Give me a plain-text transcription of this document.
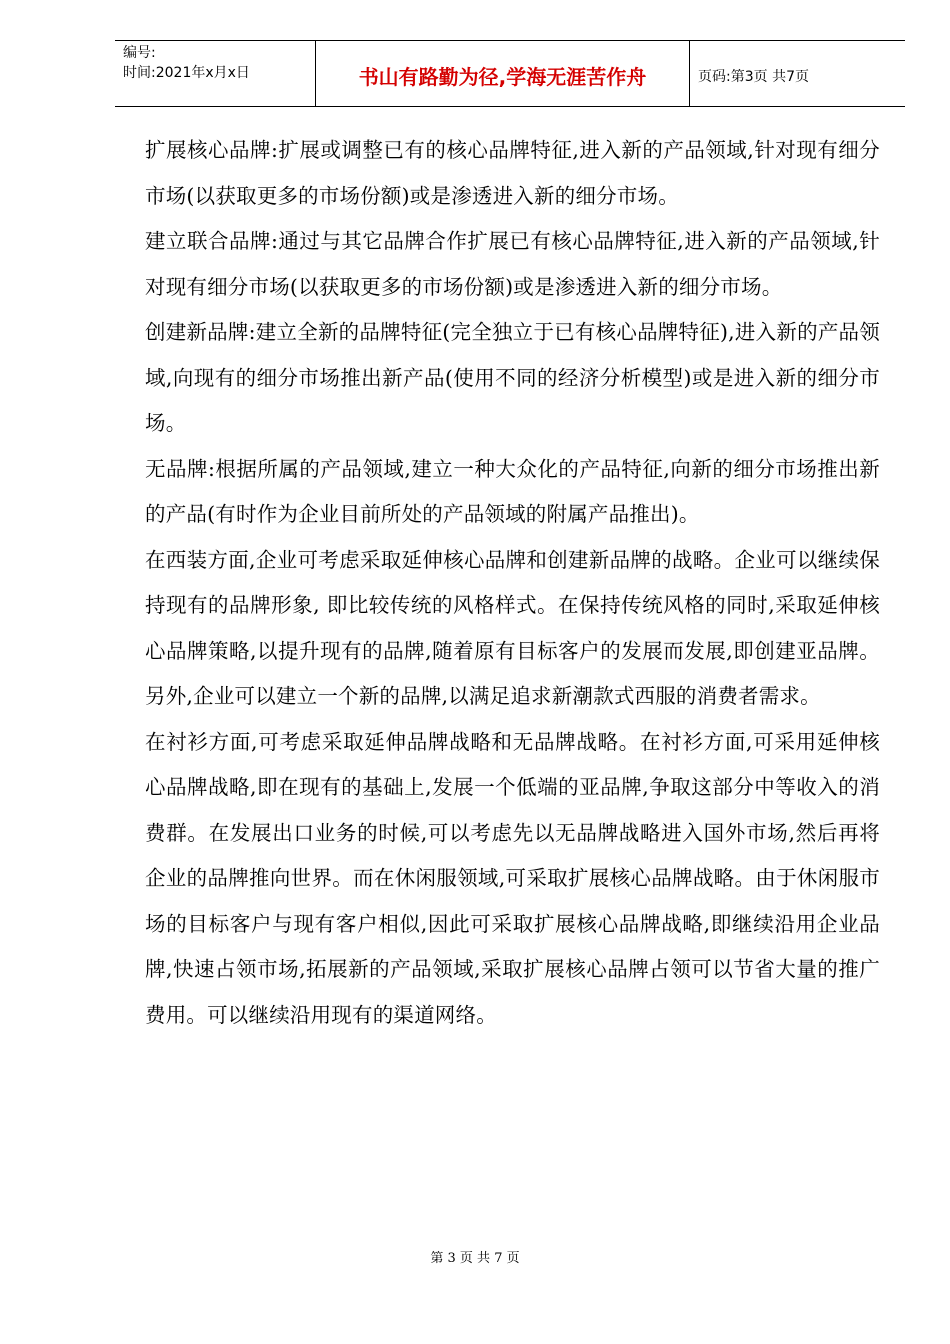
编号:
时间:2021年x月x日	书山有路勤为径,学海无涯苦作舟	页码:第3页 共7页

扩展核心品牌:扩展或调整已有的核心品牌特征,进入新的产品领域,针对现有细分市场(以获取更多的市场份额)或是渗透进入新的细分市场。

建立联合品牌:通过与其它品牌合作扩展已有核心品牌特征,进入新的产品领域,针对现有细分市场(以获取更多的市场份额)或是渗透进入新的细分市场。

创建新品牌:建立全新的品牌特征(完全独立于已有核心品牌特征),进入新的产品领域,向现有的细分市场推出新产品(使用不同的经济分析模型)或是进入新的细分市场。

无品牌:根据所属的产品领域,建立一种大众化的产品特征,向新的细分市场推出新的产品(有时作为企业目前所处的产品领域的附属产品推出)。

在西装方面,企业可考虑采取延伸核心品牌和创建新品牌的战略。企业可以继续保持现有的品牌形象, 即比较传统的风格样式。在保持传统风格的同时,采取延伸核心品牌策略,以提升现有的品牌,随着原有目标客户的发展而发展,即创建亚品牌。另外,企业可以建立一个新的品牌,以满足追求新潮款式西服的消费者需求。

在衬衫方面,可考虑采取延伸品牌战略和无品牌战略。在衬衫方面,可采用延伸核心品牌战略,即在现有的基础上,发展一个低端的亚品牌,争取这部分中等收入的消费群。在发展出口业务的时候,可以考虑先以无品牌战略进入国外市场,然后再将企业的品牌推向世界。而在休闲服领域,可采取扩展核心品牌战略。由于休闲服市场的目标客户与现有客户相似,因此可采取扩展核心品牌战略,即继续沿用企业品牌,快速占领市场,拓展新的产品领域,采取扩展核心品牌占领可以节省大量的推广费用。可以继续沿用现有的渠道网络。

第 3 页 共 7 页
